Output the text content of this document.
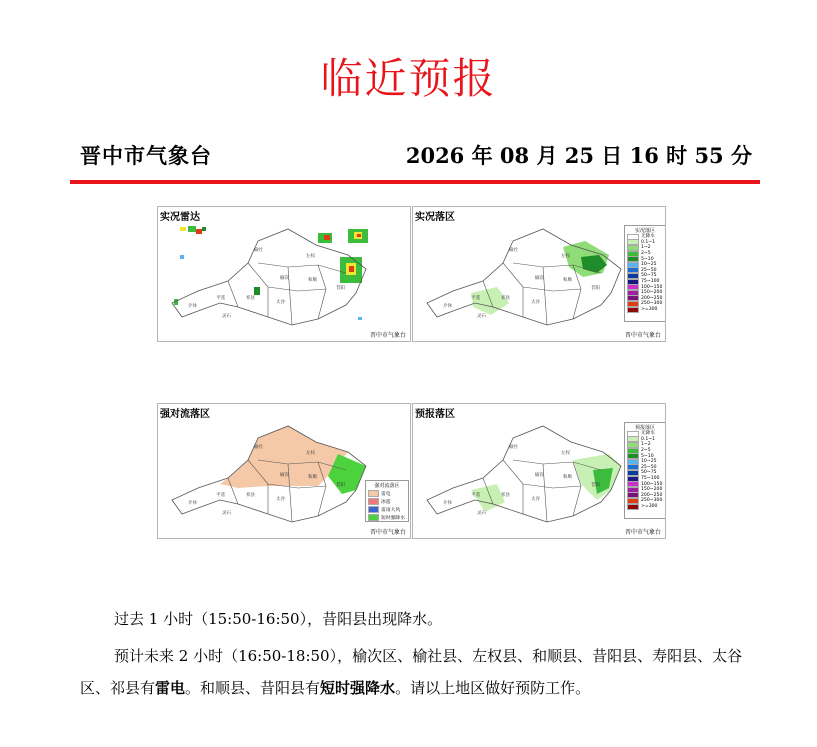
临近预报
晋中市气象台	2026 年 08 月 25 日 16 时 55 分
榆社
左权
和顺
昔阳
太谷
祁县
平遥
介休
灵石
榆次
实况雷达
晋中市气象台
榆社
左权
和顺
昔阳
太谷
祁县
平遥
介休
灵石
榆次
实况落区
实况落区
无降水
0.1~1
1~2
2~5
5~10
10~25
25~50
50~75
75~100
100~150
150~200
200~250
250~300
>=300
晋中市气象台
榆社
左权
和顺
昔阳
太谷
祁县
平遥
介休
灵石
榆次
强对流落区
强对流落区
雷电
冰雹
雷雨大风
短时强降水
晋中市气象台
榆社
左权
和顺
昔阳
太谷
祁县
平遥
介休
灵石
榆次
预报落区
预报落区
无降水
0.1~1
1~2
2~5
5~10
10~25
25~50
50~75
75~100
100~150
150~200
200~250
250~300
>=300
晋中市气象台
过去 1 小时（15:50-16:50），昔阳县出现降水。
预计未来 2 小时（16:50-18:50），榆次区、榆社县、左权县、和顺县、昔阳县、寿阳县、太谷区、祁县有雷电。和顺县、昔阳县有短时强降水。请以上地区做好预防工作。
